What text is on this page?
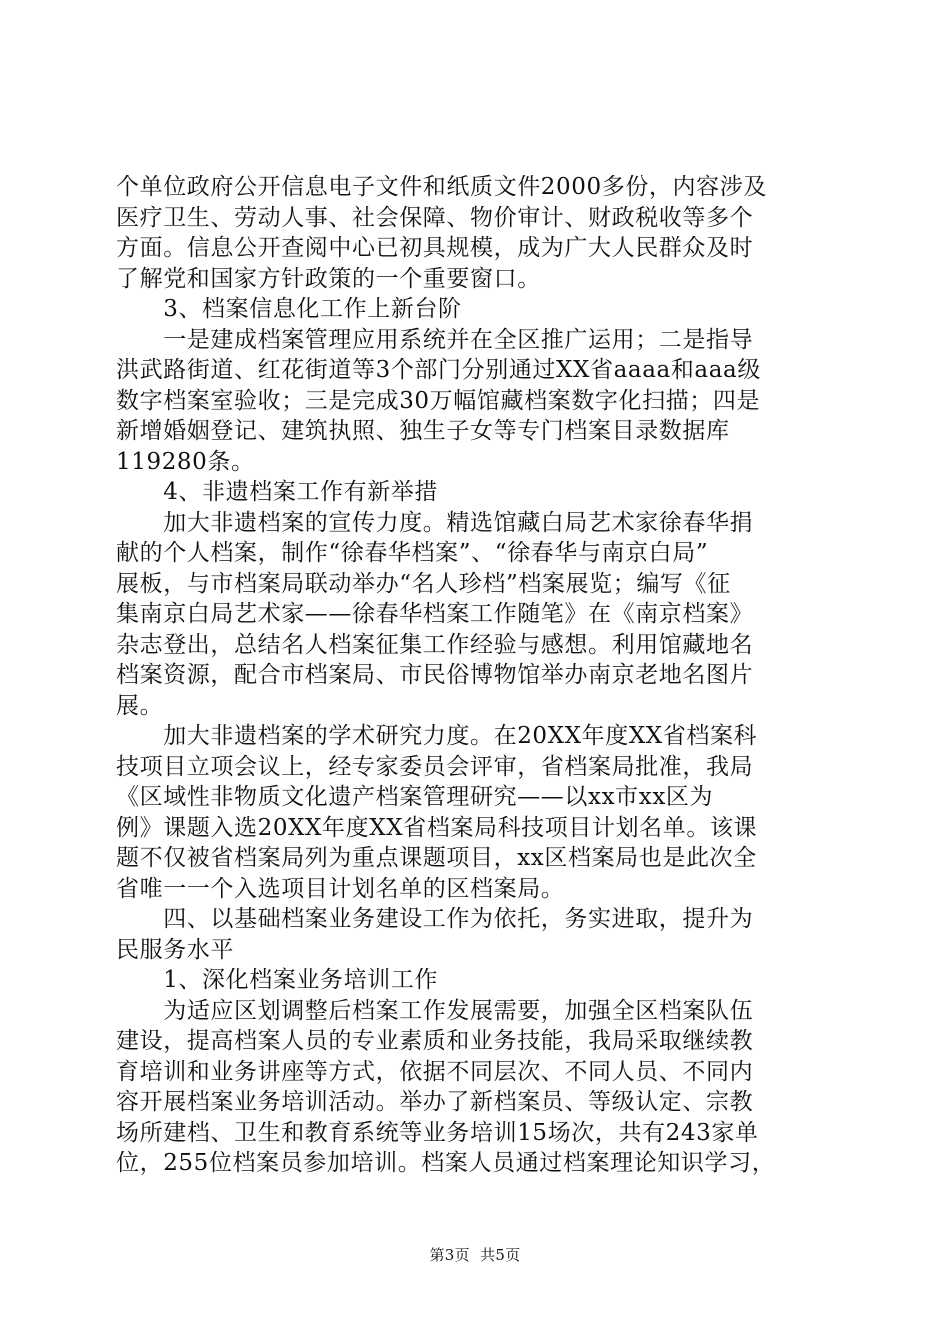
个单位政府公开信息电子文件和纸质文件2000多份，内容涉及
医疗卫生、劳动人事、社会保障、物价审计、财政税收等多个
方面。信息公开查阅中心已初具规模，成为广大人民群众及时
了解党和国家方针政策的一个重要窗口。
　　3、档案信息化工作上新台阶
　　一是建成档案管理应用系统并在全区推广运用；二是指导
洪武路街道、红花街道等3个部门分别通过XX省aaaa和aaa级
数字档案室验收；三是完成30万幅馆藏档案数字化扫描；四是
新增婚姻登记、建筑执照、独生子女等专门档案目录数据库
119280条。
　　4、非遗档案工作有新举措
　　加大非遗档案的宣传力度。精选馆藏白局艺术家徐春华捐
献的个人档案，制作“徐春华档案”、“徐春华与南京白局”
展板，与市档案局联动举办“名人珍档”档案展览；编写《征
集南京白局艺术家——徐春华档案工作随笔》在《南京档案》
杂志登出，总结名人档案征集工作经验与感想。利用馆藏地名
档案资源，配合市档案局、市民俗博物馆举办南京老地名图片
展。
　　加大非遗档案的学术研究力度。在20XX年度XX省档案科
技项目立项会议上，经专家委员会评审，省档案局批准，我局
《区域性非物质文化遗产档案管理研究——以xx市xx区为
例》课题入选20XX年度XX省档案局科技项目计划名单。该课
题不仅被省档案局列为重点课题项目，xx区档案局也是此次全
省唯一一个入选项目计划名单的区档案局。
　　四、以基础档案业务建设工作为依托，务实进取，提升为
民服务水平
　　1、深化档案业务培训工作
　　为适应区划调整后档案工作发展需要，加强全区档案队伍
建设，提高档案人员的专业素质和业务技能，我局采取继续教
育培训和业务讲座等方式，依据不同层次、不同人员、不同内
容开展档案业务培训活动。举办了新档案员、等级认定、宗教
场所建档、卫生和教育系统等业务培训15场次，共有243家单
位，255位档案员参加培训。档案人员通过档案理论知识学习，
第3页  共5页
